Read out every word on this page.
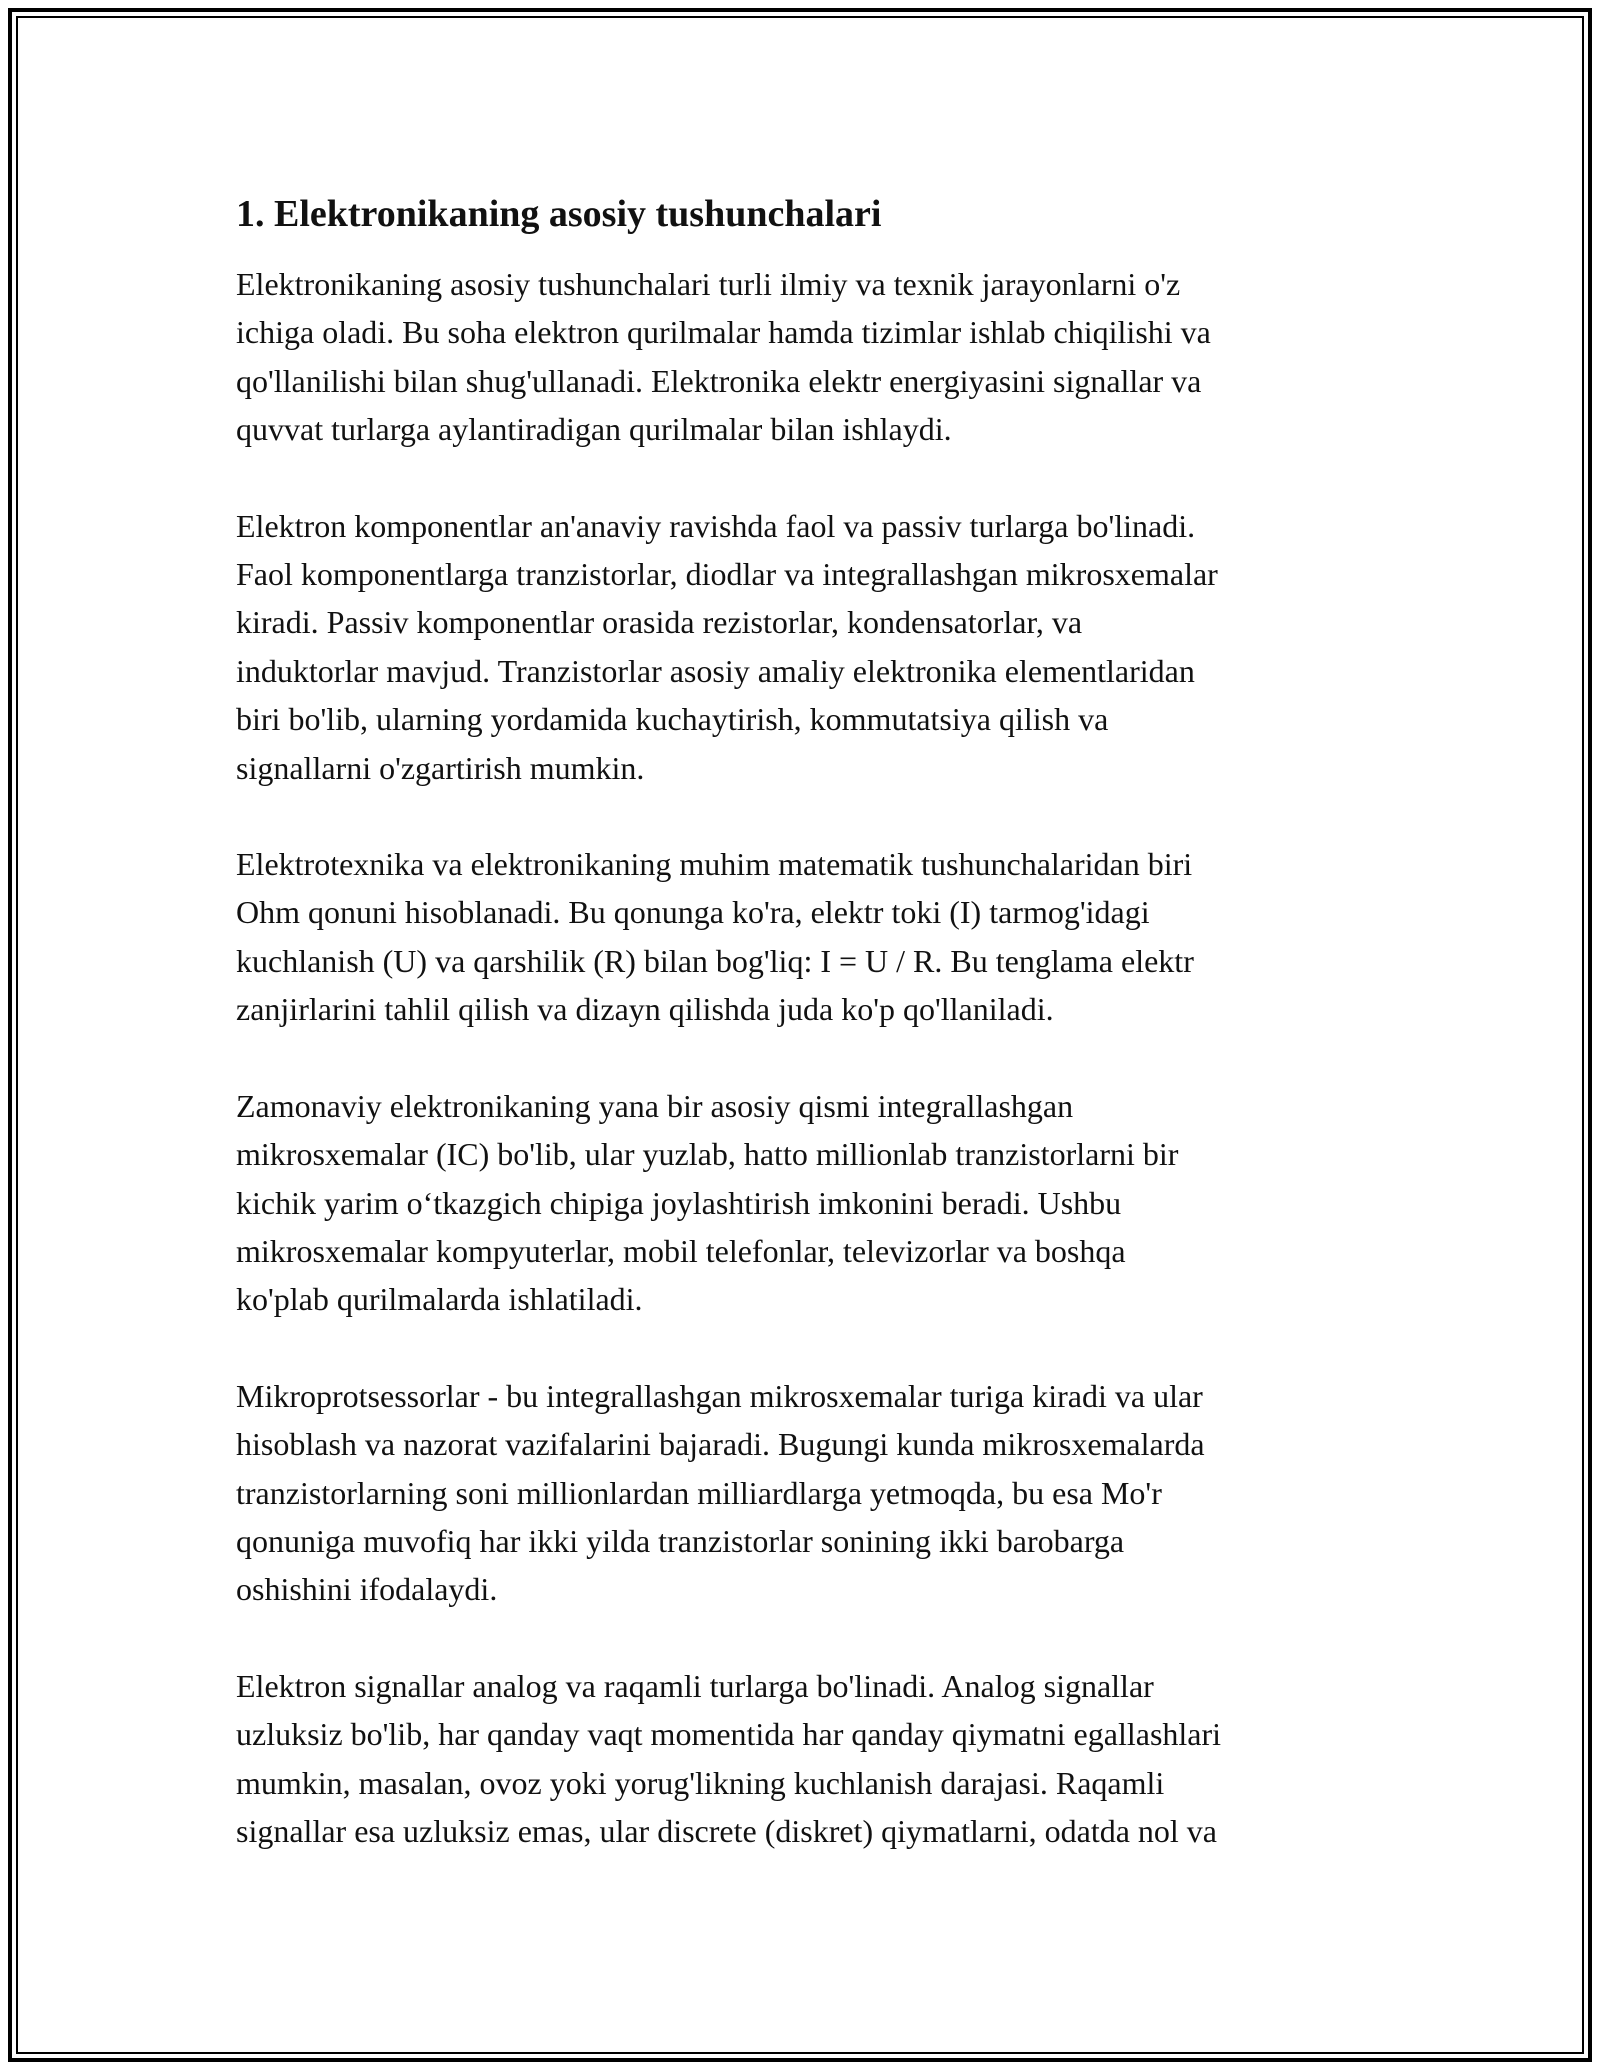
1. Elektronikaning asosiy tushunchalari

Elektronikaning asosiy tushunchalari turli ilmiy va texnik jarayonlarni o'z
ichiga oladi. Bu soha elektron qurilmalar hamda tizimlar ishlab chiqilishi va
qo'llanilishi bilan shug'ullanadi. Elektronika elektr energiyasini signallar va
quvvat turlarga aylantiradigan qurilmalar bilan ishlaydi.

Elektron komponentlar an'anaviy ravishda faol va passiv turlarga bo'linadi.
Faol komponentlarga tranzistorlar, diodlar va integrallashgan mikrosxemalar
kiradi. Passiv komponentlar orasida rezistorlar, kondensatorlar, va
induktorlar mavjud. Tranzistorlar asosiy amaliy elektronika elementlaridan
biri bo'lib, ularning yordamida kuchaytirish, kommutatsiya qilish va
signallarni o'zgartirish mumkin.

Elektrotexnika va elektronikaning muhim matematik tushunchalaridan biri
Ohm qonuni hisoblanadi. Bu qonunga ko'ra, elektr toki (I) tarmog'idagi
kuchlanish (U) va qarshilik (R) bilan bog'liq: I = U / R. Bu tenglama elektr
zanjirlarini tahlil qilish va dizayn qilishda juda ko'p qo'llaniladi.

Zamonaviy elektronikaning yana bir asosiy qismi integrallashgan
mikrosxemalar (IC) bo'lib, ular yuzlab, hatto millionlab tranzistorlarni bir
kichik yarim o‘tkazgich chipiga joylashtirish imkonini beradi. Ushbu
mikrosxemalar kompyuterlar, mobil telefonlar, televizorlar va boshqa
ko'plab qurilmalarda ishlatiladi.

Mikroprotsessorlar - bu integrallashgan mikrosxemalar turiga kiradi va ular
hisoblash va nazorat vazifalarini bajaradi. Bugungi kunda mikrosxemalarda
tranzistorlarning soni millionlardan milliardlarga yetmoqda, bu esa Mo'r
qonuniga muvofiq har ikki yilda tranzistorlar sonining ikki barobarga
oshishini ifodalaydi.

Elektron signallar analog va raqamli turlarga bo'linadi. Analog signallar
uzluksiz bo'lib, har qanday vaqt momentida har qanday qiymatni egallashlari
mumkin, masalan, ovoz yoki yorug'likning kuchlanish darajasi. Raqamli
signallar esa uzluksiz emas, ular discrete (diskret) qiymatlarni, odatda nol va
